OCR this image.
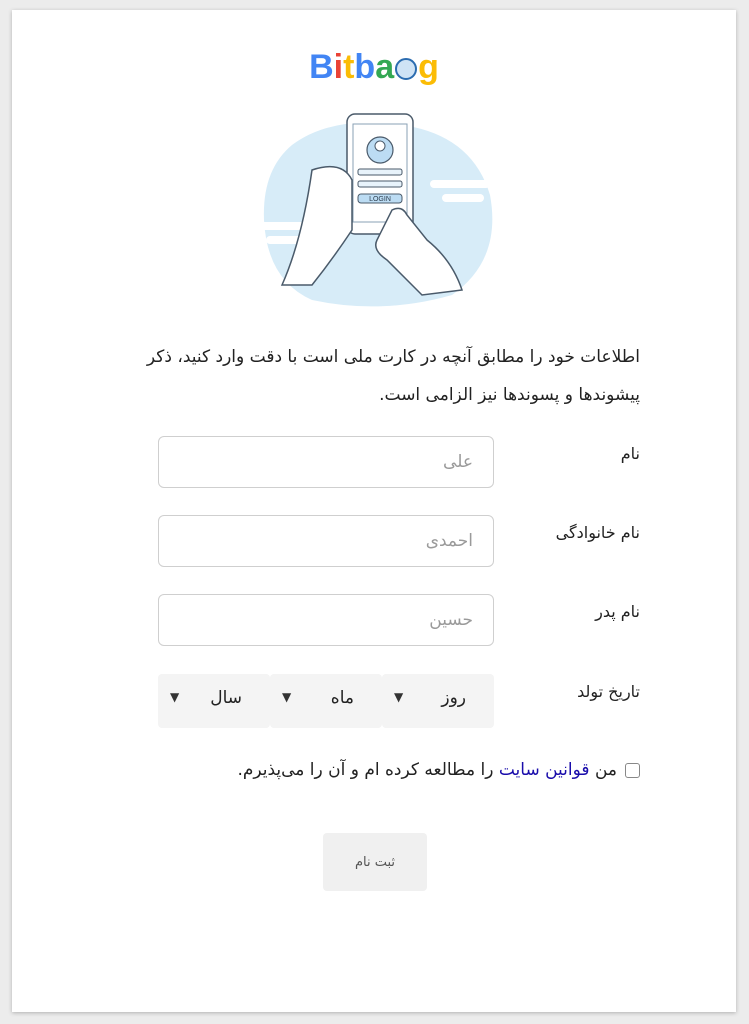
Bitba g
LOGIN
اطلاعات خود را مطابق آنچه در کارت ملی است با دقت وارد کنید، ذکر پیشوندها و پسوندها نیز الزامی است.
نام
علی
نام خانوادگی
احمدی
نام پدر
حسین
تاریخ تولد
روز
▼
ماه
▼
سال
▼
من

قوانین سایت

را مطالعه کرده ام و آن را می‌پذیرم.
ثبت نام
